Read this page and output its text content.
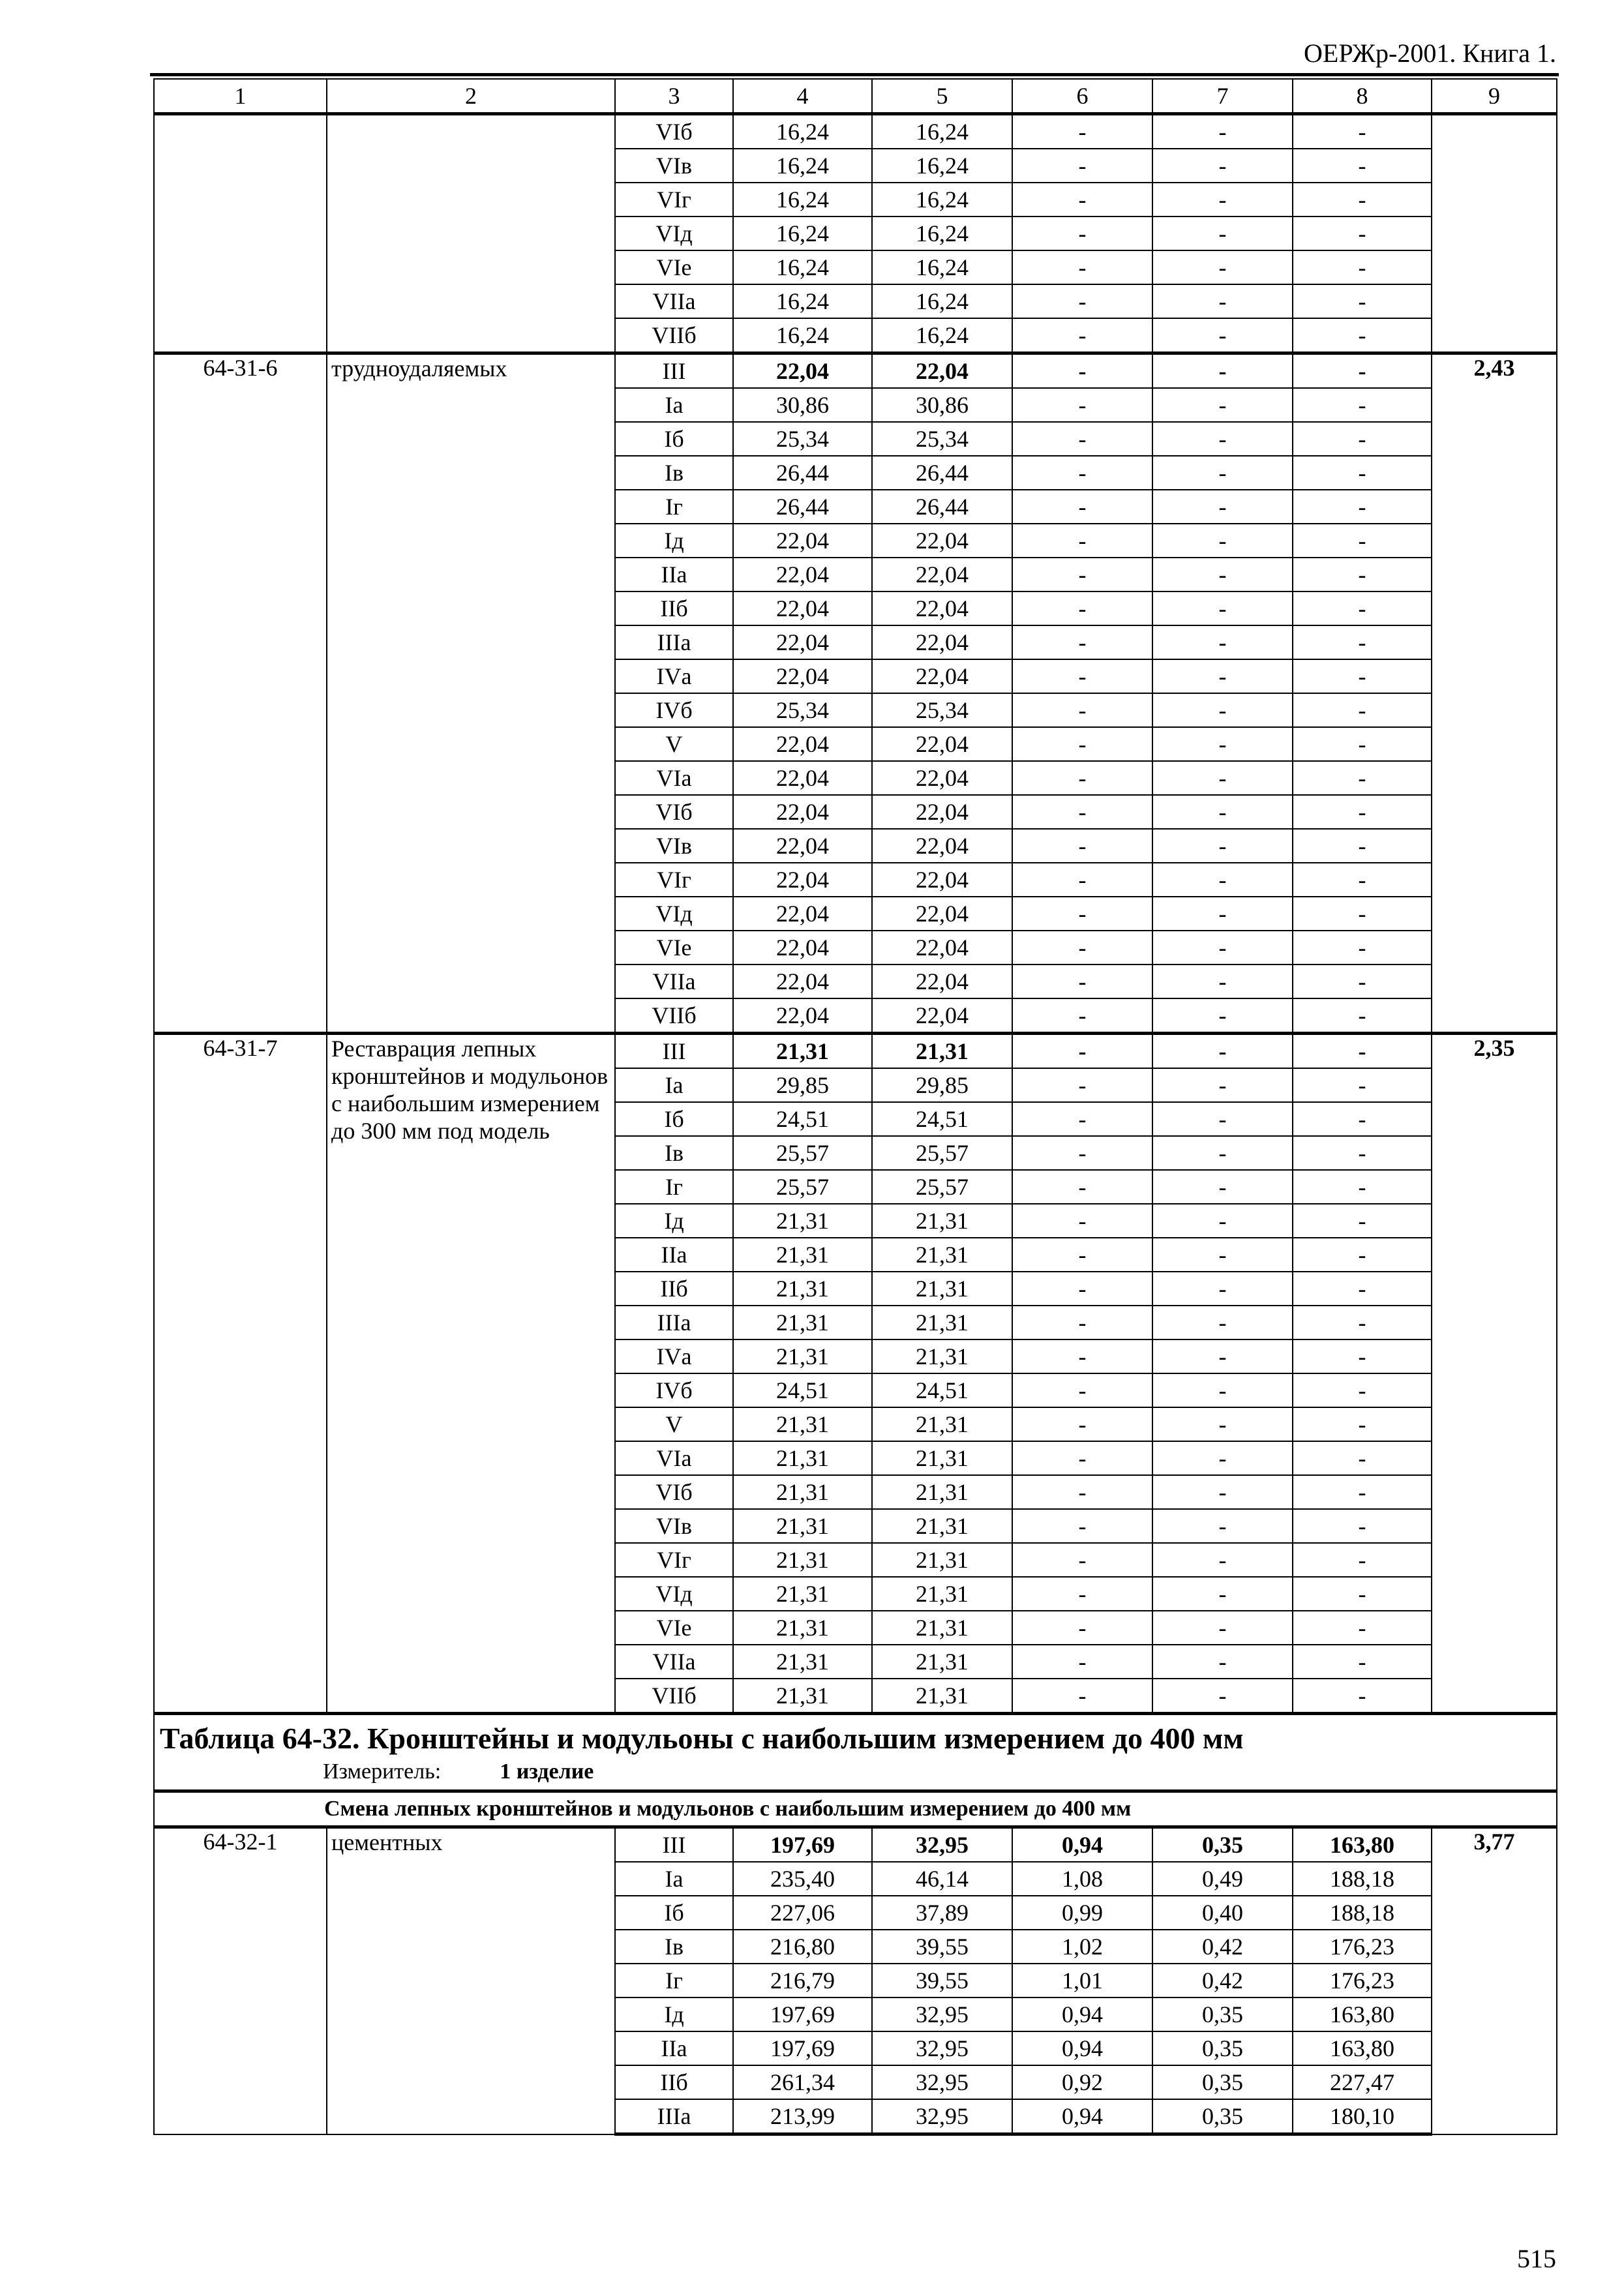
ОЕРЖр-2001. Книга 1.
1	2	3	4	5	6	7	8	9
		VIб	16,24	16,24	-	-	-	
		VIв	16,24	16,24	-	-	-	
		VIг	16,24	16,24	-	-	-	
		VIд	16,24	16,24	-	-	-	
		VIе	16,24	16,24	-	-	-	
		VIIа	16,24	16,24	-	-	-	
		VIIб	16,24	16,24	-	-	-	
64-31-6	трудноудаляемых	III	22,04	22,04	-	-	-	2,43
		Iа	30,86	30,86	-	-	-	
		Iб	25,34	25,34	-	-	-	
		Iв	26,44	26,44	-	-	-	
		Iг	26,44	26,44	-	-	-	
		Iд	22,04	22,04	-	-	-	
		IIа	22,04	22,04	-	-	-	
		IIб	22,04	22,04	-	-	-	
		IIIа	22,04	22,04	-	-	-	
		IVа	22,04	22,04	-	-	-	
		IVб	25,34	25,34	-	-	-	
		V	22,04	22,04	-	-	-	
		VIа	22,04	22,04	-	-	-	
		VIб	22,04	22,04	-	-	-	
		VIв	22,04	22,04	-	-	-	
		VIг	22,04	22,04	-	-	-	
		VIд	22,04	22,04	-	-	-	
		VIе	22,04	22,04	-	-	-	
		VIIа	22,04	22,04	-	-	-	
		VIIб	22,04	22,04	-	-	-	
64-31-7	Реставрация лепных кронштейнов и модульонов с наибольшим измерением до 300 мм под модель	III	21,31	21,31	-	-	-	2,35
		Iа	29,85	29,85	-	-	-	
		Iб	24,51	24,51	-	-	-	
		Iв	25,57	25,57	-	-	-	
		Iг	25,57	25,57	-	-	-	
		Iд	21,31	21,31	-	-	-	
		IIа	21,31	21,31	-	-	-	
		IIб	21,31	21,31	-	-	-	
		IIIа	21,31	21,31	-	-	-	
		IVа	21,31	21,31	-	-	-	
		IVб	24,51	24,51	-	-	-	
		V	21,31	21,31	-	-	-	
		VIа	21,31	21,31	-	-	-	
		VIб	21,31	21,31	-	-	-	
		VIв	21,31	21,31	-	-	-	
		VIг	21,31	21,31	-	-	-	
		VIд	21,31	21,31	-	-	-	
		VIе	21,31	21,31	-	-	-	
		VIIа	21,31	21,31	-	-	-	
		VIIб	21,31	21,31	-	-	-	

Таблица 64-32. Кронштейны и модульоны с наибольшим измерением до 400 мм
Измеритель: 1 изделие								

Смена лепных кронштейнов и модульонов с наибольшим измерением до 400 мм								
64-32-1	цементных	III	197,69	32,95	0,94	0,35	163,80	3,77
		Iа	235,40	46,14	1,08	0,49	188,18	
		Iб	227,06	37,89	0,99	0,40	188,18	
		Iв	216,80	39,55	1,02	0,42	176,23	
		Iг	216,79	39,55	1,01	0,42	176,23	
		Iд	197,69	32,95	0,94	0,35	163,80	
		IIа	197,69	32,95	0,94	0,35	163,80	
		IIб	261,34	32,95	0,92	0,35	227,47	
		IIIа	213,99	32,95	0,94	0,35	180,10	
515
